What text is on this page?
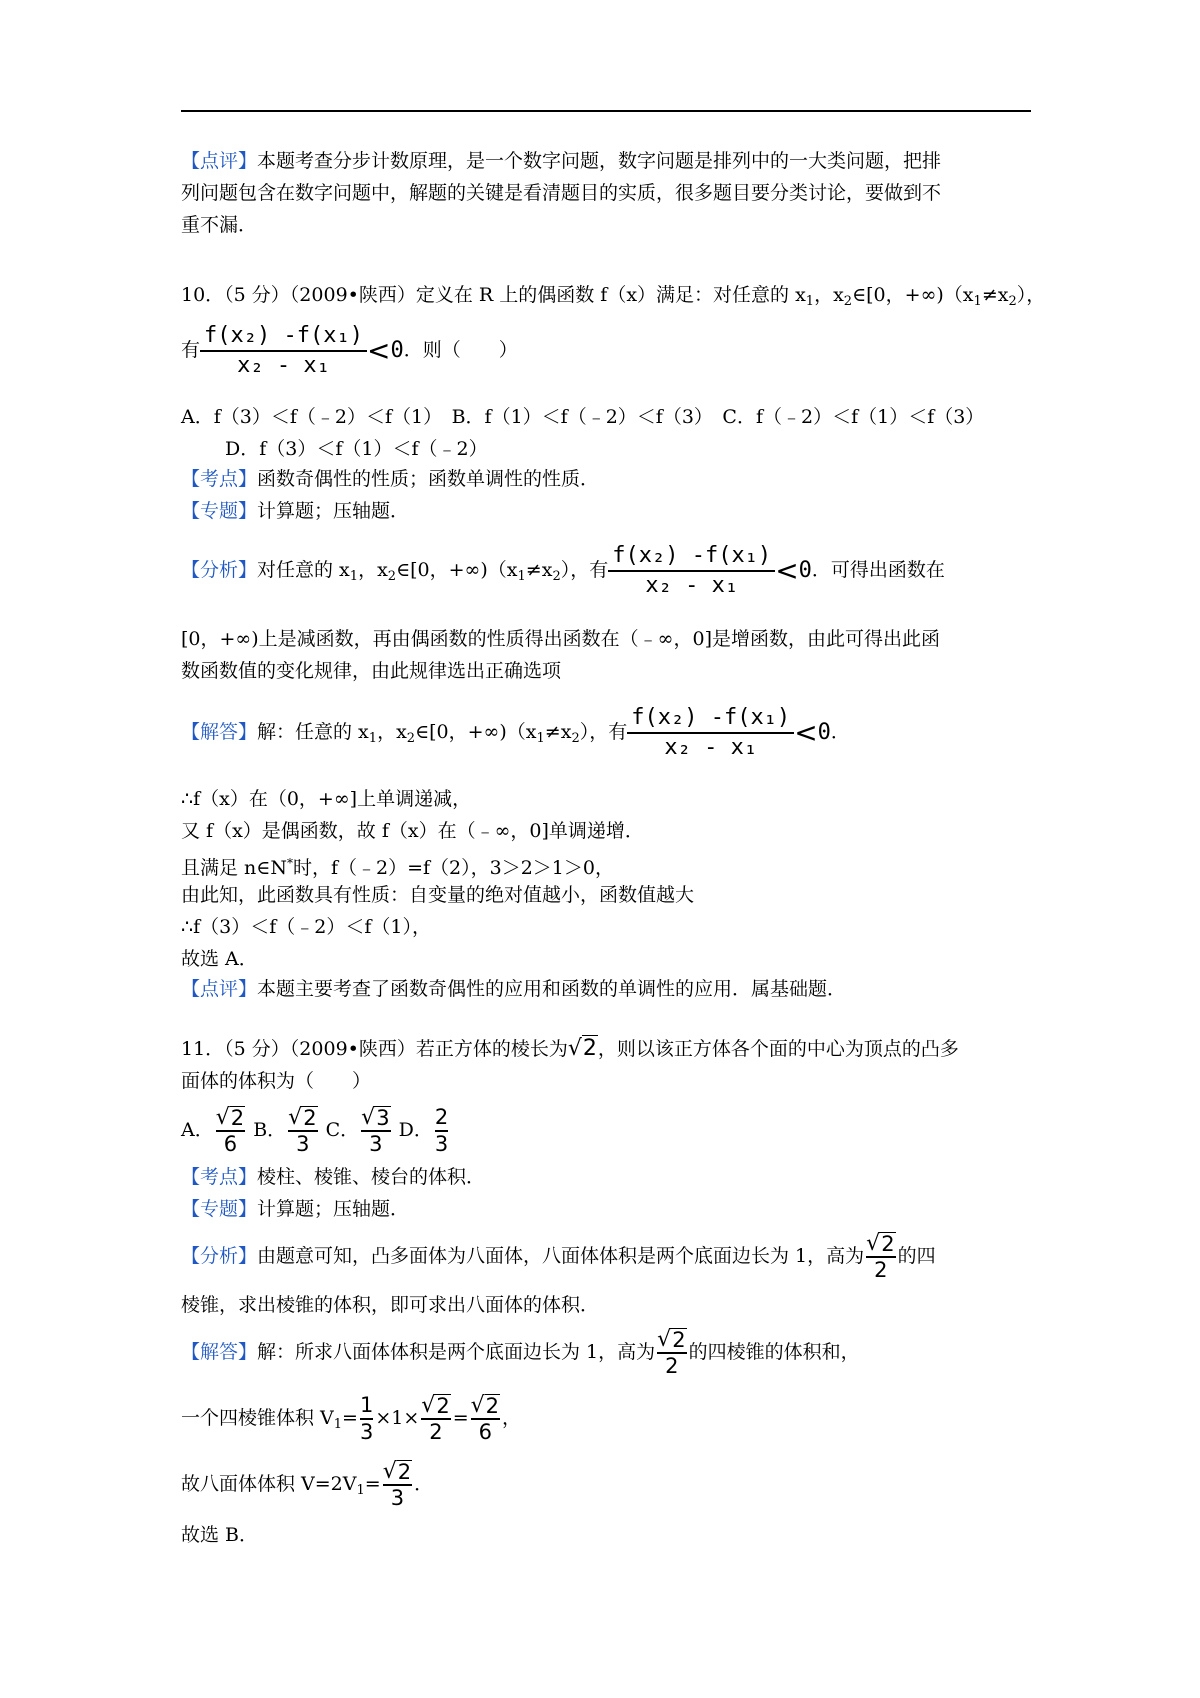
【点评】本题考查分步计数原理，是一个数字问题，数字问题是排列中的一大类问题，把排
列问题包含在数字问题中，解题的关键是看清题目的实质，很多题目要分类讨论，要做到不
重不漏．
10．（5 分）（2009•陕西）定义在 R 上的偶函数 f（x）满足：对任意的 $x_1$，$x_2\in[0$，$+\infty)(x_1\ne x_2)$，
有 $\frac{\text{f(x₂) -f(x₁)}}{\text{x₂ - x₁}} <0$．则（　　）
A．f（3）＜f（﹣2）＜f（1）　B．f（1）＜f（﹣2）＜f（3）　C．f（﹣2）＜f（1）＜f（3）
D．f（3）＜f（1）＜f（﹣2）
【考点】函数奇偶性的性质；函数单调性的性质．
【专题】计算题；压轴题．
【分析】对任意的 $x_1$，$x_2\in[0$，$+\infty)(x_1\ne x_2)$，有 $\frac{\text{f(x₂) -f(x₁)}}{\text{x₂ - x₁}} <0$．可得出函数在
[0，+∞)上是减函数，再由偶函数的性质得出函数在（﹣∞，0]是增函数，由此可得出此函
数函数值的变化规律，由此规律选出正确选项
【解答】解：任意的 $x_1$，$x_2\in[0$，$+\infty)(x_1\ne x_2)$，有 $\frac{\text{f(x₂) -f(x₁)}}{\text{x₂ - x₁}} <0$．
∴f（x）在（0，+∞]上单调递减，
又 f（x）是偶函数，故 f（x）在（﹣∞，0]单调递增．
且满足 n∈N*时，f（﹣2）=f（2），3＞2＞1＞0，
由此知，此函数具有性质：自变量的绝对值越小，函数值越大
∴f（3）＜f（﹣2）＜f（1），
故选 A．
【点评】本题主要考查了函数奇偶性的应用和函数的单调性的应用．属基础题．
11．（5 分）（2009•陕西）若正方体的棱长为√2，则以该正方体各个面的中心为顶点的凸多
面体的体积为（　　）
A． $\frac{√ 2}{6}$ B． $\frac{√ 2}{3}$ C． $\frac{√ 3}{3}$ D． $\frac{2}{3}$
【考点】棱柱、棱锥、棱台的体积．
【专题】计算题；压轴题．
【分析】由题意可知，凸多面体为八面体，八面体体积是两个底面边长为 1，高为 $\frac{√ 2}{2}$ 的四
棱锥，求出棱锥的体积，即可求出八面体的体积．
【解答】解：所求八面体体积是两个底面边长为 1，高为 $\frac{√ 2}{2}$ 的四棱锥的体积和，
一个四棱锥体积 $V_1= \frac{1}{3} \times 1\times \frac{√ 2}{2} = \frac{√ 2}{6}$ ，
故八面体体积 $V=2V_1= \frac{√ 2}{3}$ ．
故选 B．
